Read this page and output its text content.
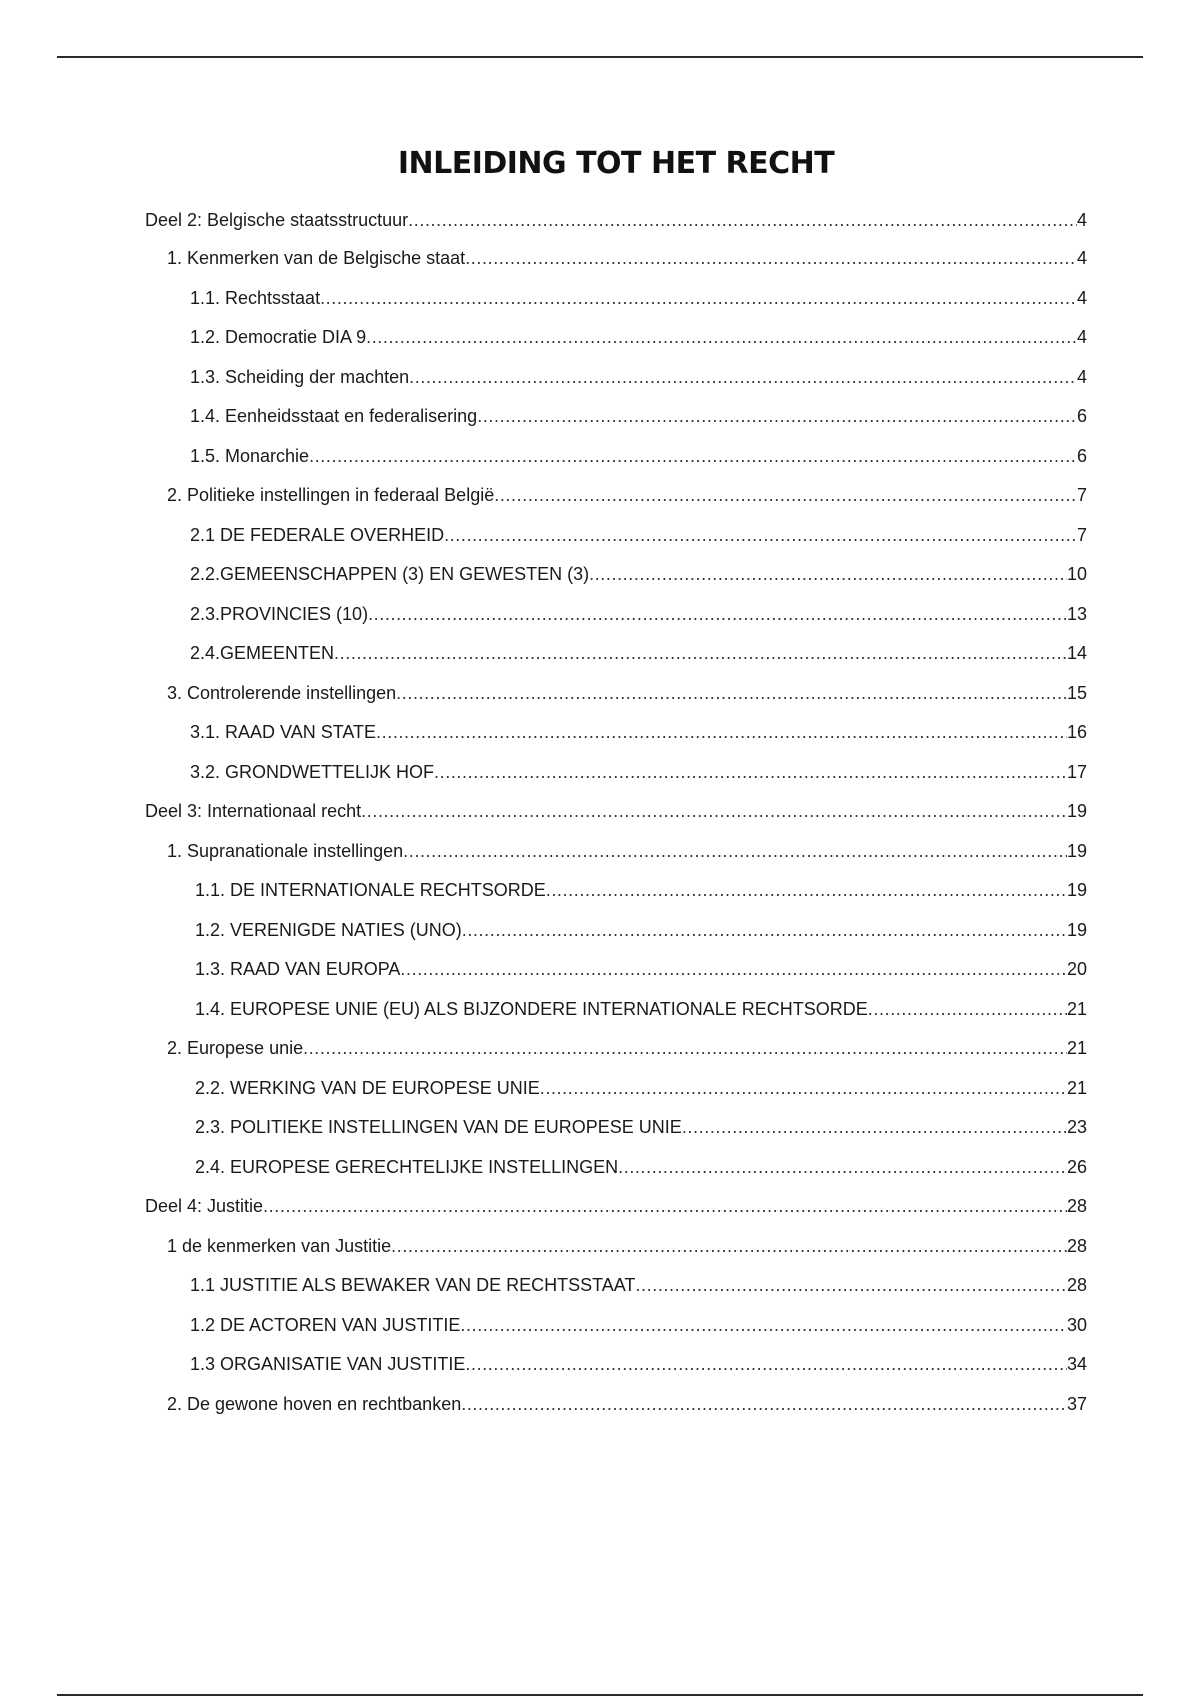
INLEIDING TOT HET RECHT
Deel 2: Belgische staatsstructuur .....	4
1. Kenmerken van de Belgische staat .....	4
1.1. Rechtsstaat .....	4
1.2. Democratie DIA 9 .....	4
1.3. Scheiding der machten .....	4
1.4. Eenheidsstaat en federalisering .....	6
1.5. Monarchie .....	6
2. Politieke instellingen in federaal België .....	7
2.1 DE FEDERALE OVERHEID .....	7
2.2.GEMEENSCHAPPEN (3) EN GEWESTEN (3) .....	10
2.3.PROVINCIES (10) .....	13
2.4.GEMEENTEN .....	14
3. Controlerende instellingen .....	15
3.1. RAAD VAN STATE .....	16
3.2. GRONDWETTELIJK HOF .....	17
Deel 3: Internationaal recht .....	19
1. Supranationale instellingen .....	19
1.1. DE INTERNATIONALE RECHTSORDE .....	19
1.2. VERENIGDE NATIES (UNO) .....	19
1.3. RAAD VAN EUROPA .....	20
1.4. EUROPESE UNIE (EU) ALS BIJZONDERE INTERNATIONALE RECHTSORDE .....	21
2. Europese unie .....	21
2.2. WERKING VAN DE EUROPESE UNIE .....	21
2.3. POLITIEKE INSTELLINGEN VAN DE EUROPESE UNIE .....	23
2.4. EUROPESE GERECHTELIJKE INSTELLINGEN .....	26
Deel 4: Justitie .....	28
1 de kenmerken van Justitie .....	28
1.1 JUSTITIE ALS BEWAKER VAN DE RECHTSSTAAT .....	28
1.2 DE ACTOREN VAN JUSTITIE .....	30
1.3 ORGANISATIE VAN JUSTITIE .....	34
2. De gewone hoven en rechtbanken .....	37
